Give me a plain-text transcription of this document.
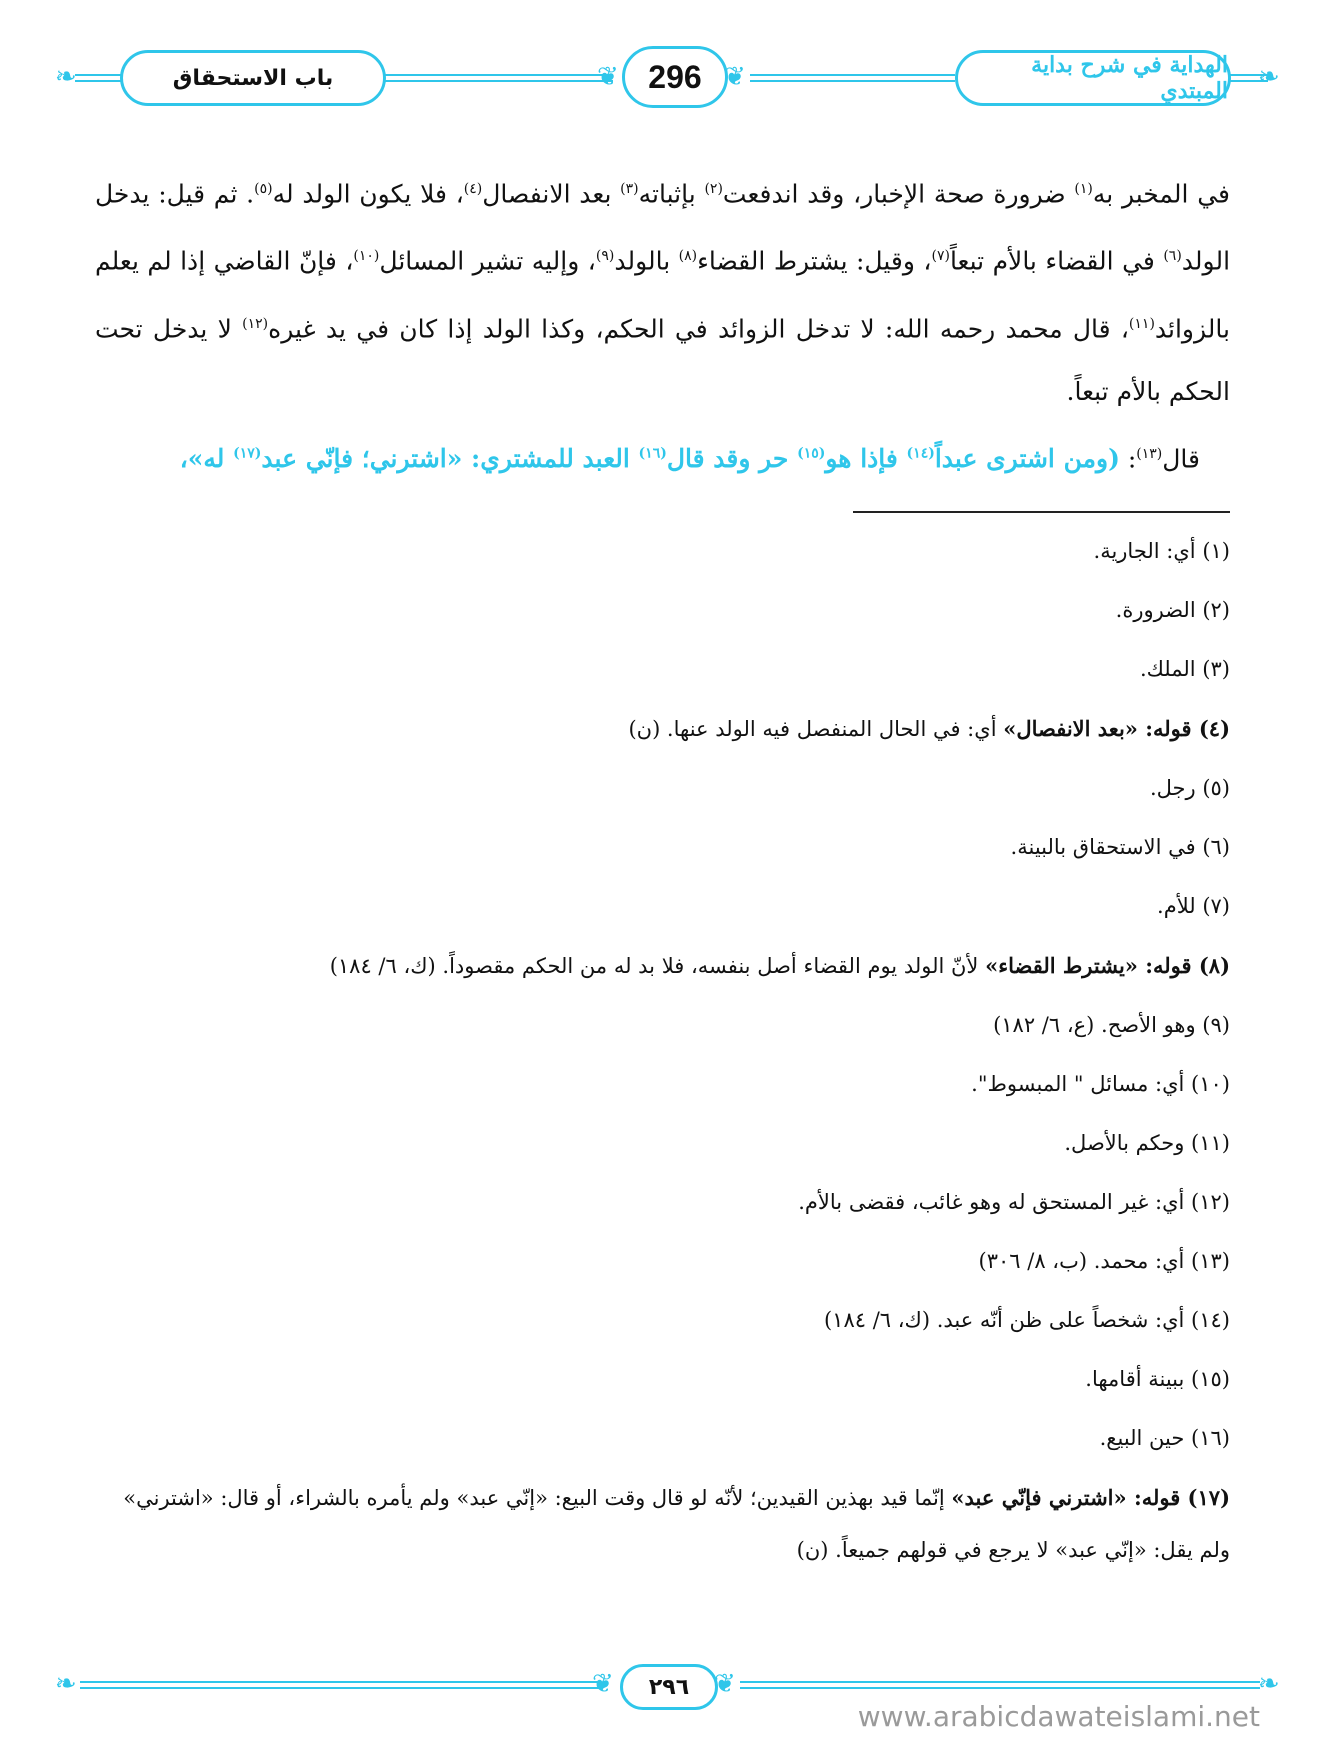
❧	باب الاستحقاق	❦ 296 ❦	الهداية في شرح بداية المبتدي ❧

في المخبر به$^{(١)}$ ضرورة صحة الإخبار، وقد اندفعت$^{(٢)}$ بإثباته$^{(٣)}$ بعد الانفصال$^{(٤)}$، فلا يكون الولد له$^{(٥)}$. ثم قيل: يدخل الولد$^{(٦)}$ في القضاء بالأم تبعاً$^{(٧)}$، وقيل: يشترط القضاء$^{(٨)}$ بالولد$^{(٩)}$، وإليه تشير المسائل$^{(١٠)}$، فإنّ القاضي إذا لم يعلم بالزوائد$^{(١١)}$، قال محمد رحمه الله: لا تدخل الزوائد في الحكم، وكذا الولد إذا كان في يد غيره$^{(١٢)}$ لا يدخل تحت الحكم بالأم تبعاً.

قال$^{(١٣)}$: (ومن اشترى عبداً$^{(١٤)}$ فإذا هو$^{(١٥)}$ حر وقد قال$^{(١٦)}$ العبد للمشتري: «اشترني؛ فإنّي عبد$^{(١٧)}$ له»،

(١) أي: الجارية.
(٢) الضرورة.
(٣) الملك.
(٤) قوله: «بعد الانفصال» أي: في الحال المنفصل فيه الولد عنها. (ن)
(٥) رجل.
(٦) في الاستحقاق بالبينة.
(٧) للأم.
(٨) قوله: «يشترط القضاء» لأنّ الولد يوم القضاء أصل بنفسه، فلا بد له من الحكم مقصوداً. (ك، ٦/ ١٨٤)
(٩) وهو الأصح. (ع، ٦/ ١٨٢)
(١٠) أي: مسائل " المبسوط".
(١١) وحكم بالأصل.
(١٢) أي: غير المستحق له وهو غائب، فقضى بالأم.
(١٣) أي: محمد. (ب، ٨/ ٣٠٦)
(١٤) أي: شخصاً على ظن أنّه عبد. (ك، ٦/ ١٨٤)
(١٥) ببينة أقامها.
(١٦) حين البيع.
(١٧) قوله: «اشترني فإنّي عبد» إنّما قيد بهذين القيدين؛ لأنّه لو قال وقت البيع: «إنّي عبد» ولم يأمره بالشراء، أو قال: «اشترني» ولم يقل: «إنّي عبد» لا يرجع في قولهم جميعاً. (ن)
❧	❦ ٢٩٦ ❦	❧
www.arabicdawateislami.net
